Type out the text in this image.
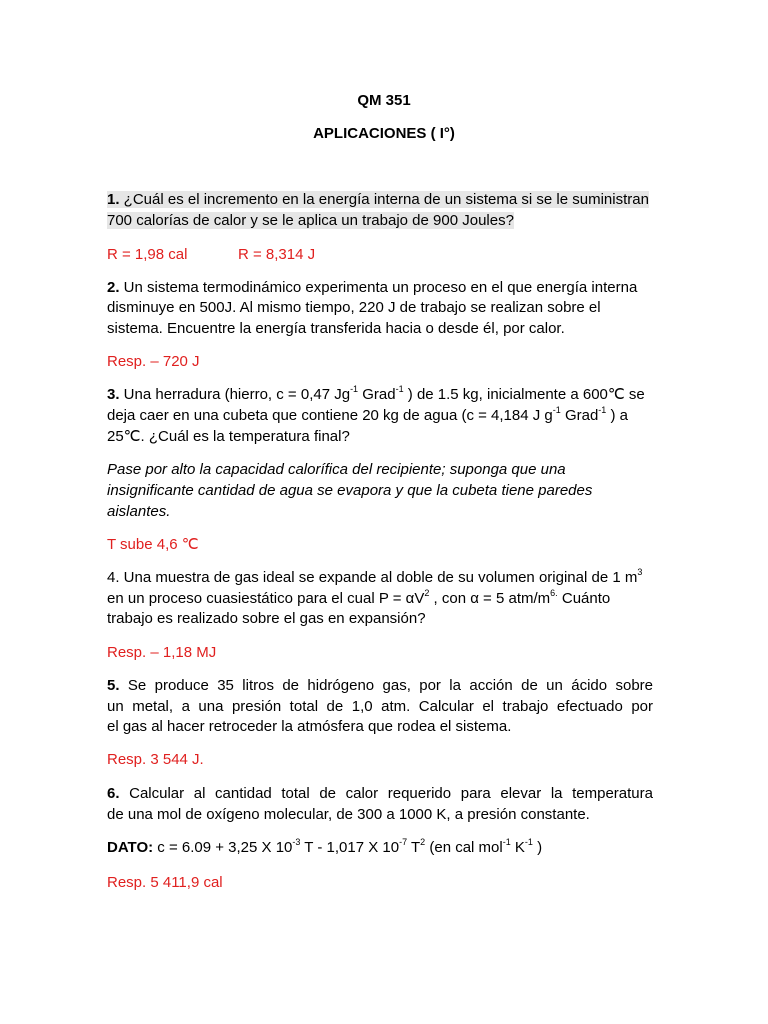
QM 351
APLICACIONES ( I°)
1. ¿Cuál es el incremento en la energía interna de un sistema si se le suministran
700 calorías de calor y se le aplica un trabajo de 900 Joules?
R = 1,98 cal	R = 8,314 J
2. Un sistema termodinámico experimenta un proceso en el que energía interna
disminuye en 500J. Al mismo tiempo, 220 J de trabajo se realizan sobre el
sistema. Encuentre la energía transferida hacia o desde él, por calor.
Resp. – 720 J
3. Una herradura (hierro, c = 0,47 $Jg^{-1}$ Grad$^{-1}$ ) de 1.5 kg, inicialmente a 600℃ se
deja caer en una cubeta que contiene 20 kg de agua (c = 4,184 J $g^{-1}$ Grad$^{-1}$ ) a
25℃. ¿Cuál es la temperatura final?
Pase por alto la capacidad calorífica del recipiente; suponga que una
insignificante cantidad de agua se evapora y que la cubeta tiene paredes
aislantes.
T sube 4,6 ℃
4. Una muestra de gas ideal se expande al doble de su volumen original de 1 $m^3$
en un proceso cuasiestático para el cual $P = \alpha V^2$ , con α = 5 atm/$m^{6.}$ Cuánto
trabajo es realizado sobre el gas en expansión?
Resp. – 1,18 MJ
5. Se produce 35 litros de hidrógeno gas, por la acción de un ácido sobre
un metal, a una presión total de 1,0 atm. Calcular el trabajo efectuado por
el gas al hacer retroceder la atmósfera que rodea el sistema.
Resp. 3 544 J.
6. Calcular al cantidad total de calor requerido para elevar la temperatura
de una mol de oxígeno molecular, de 300 a 1000 K, a presión constante.
DATO: c = 6.09 + 3,25 X $10^{-3}$ T - 1,017 X $10^{-7}$ $T^2$ (en cal mol$^{-1}$ $K^{-1}$ )
Resp. 5 411,9 cal
